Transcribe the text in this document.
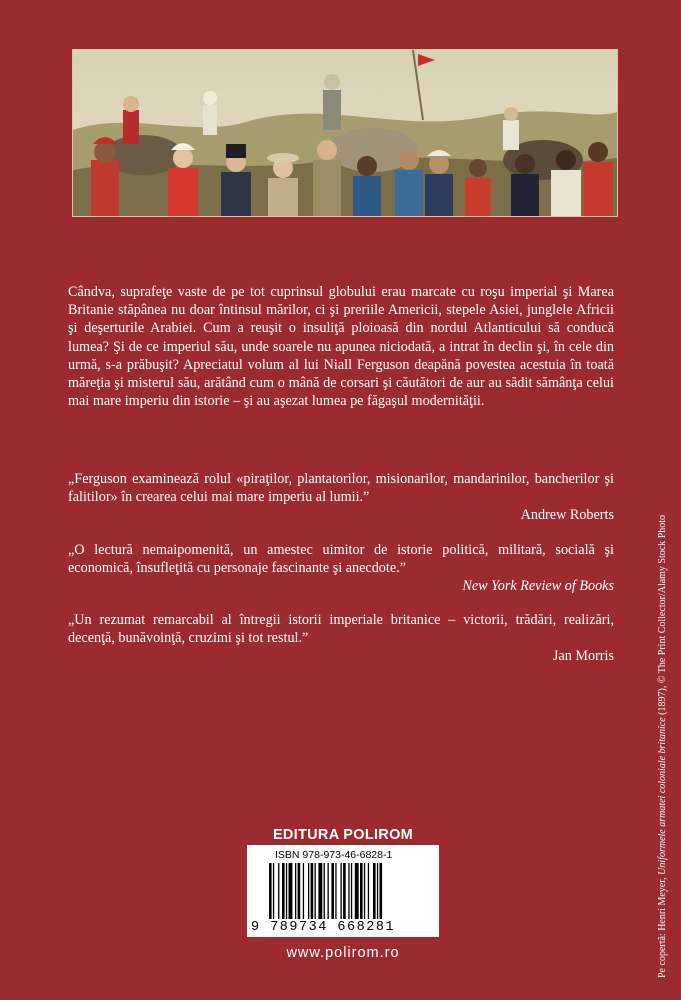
Cândva, suprafeţe vaste de pe tot cuprinsul globului erau marcate cu roşu imperial şi Marea Britanie stăpânea nu doar întinsul mărilor, ci şi preriile Americii, stepele Asiei, junglele Africii şi deşerturile Arabiei. Cum a reuşit o insuliţă ploioasă din nordul Atlanticului să conducă lumea? Şi de ce imperiul său, unde soarele nu apunea niciodată, a intrat în declin şi, în cele din urmă, s-a prăbuşit? Apreciatul volum al lui Niall Ferguson deapănă povestea acestuia în toată măreţia şi misterul său, arătând cum o mână de corsari şi căutători de aur au sădit sămânţa celui mai mare imperiu din istorie – şi au aşezat lumea pe făgaşul modernităţii.

„Ferguson examinează rolul «piraţilor, plantatorilor, misionarilor, mandarinilor, bancherilor şi falitilor» în crearea celui mai mare imperiu al lumii.”

Andrew Roberts

„O lectură nemaipomenită, un amestec uimitor de istorie politică, militară, socială şi economică, însufleţită cu personaje fascinante şi anecdote.”

New York Review of Books

„Un rezumat remarcabil al întregii istorii imperiale britanice – victorii, trădări, realizări, decenţă, bunăvoinţă, cruzimi şi tot restul.”

Jan Morris

EDITURA POLIROM
ISBN 978-973-46-6828-1
9 789734 668281
www.polirom.ro	Pe copertă: Henri Meyer, Uniformele armatei coloniale britanice (1897), © The Print Collector/Alamy Stock Photo
